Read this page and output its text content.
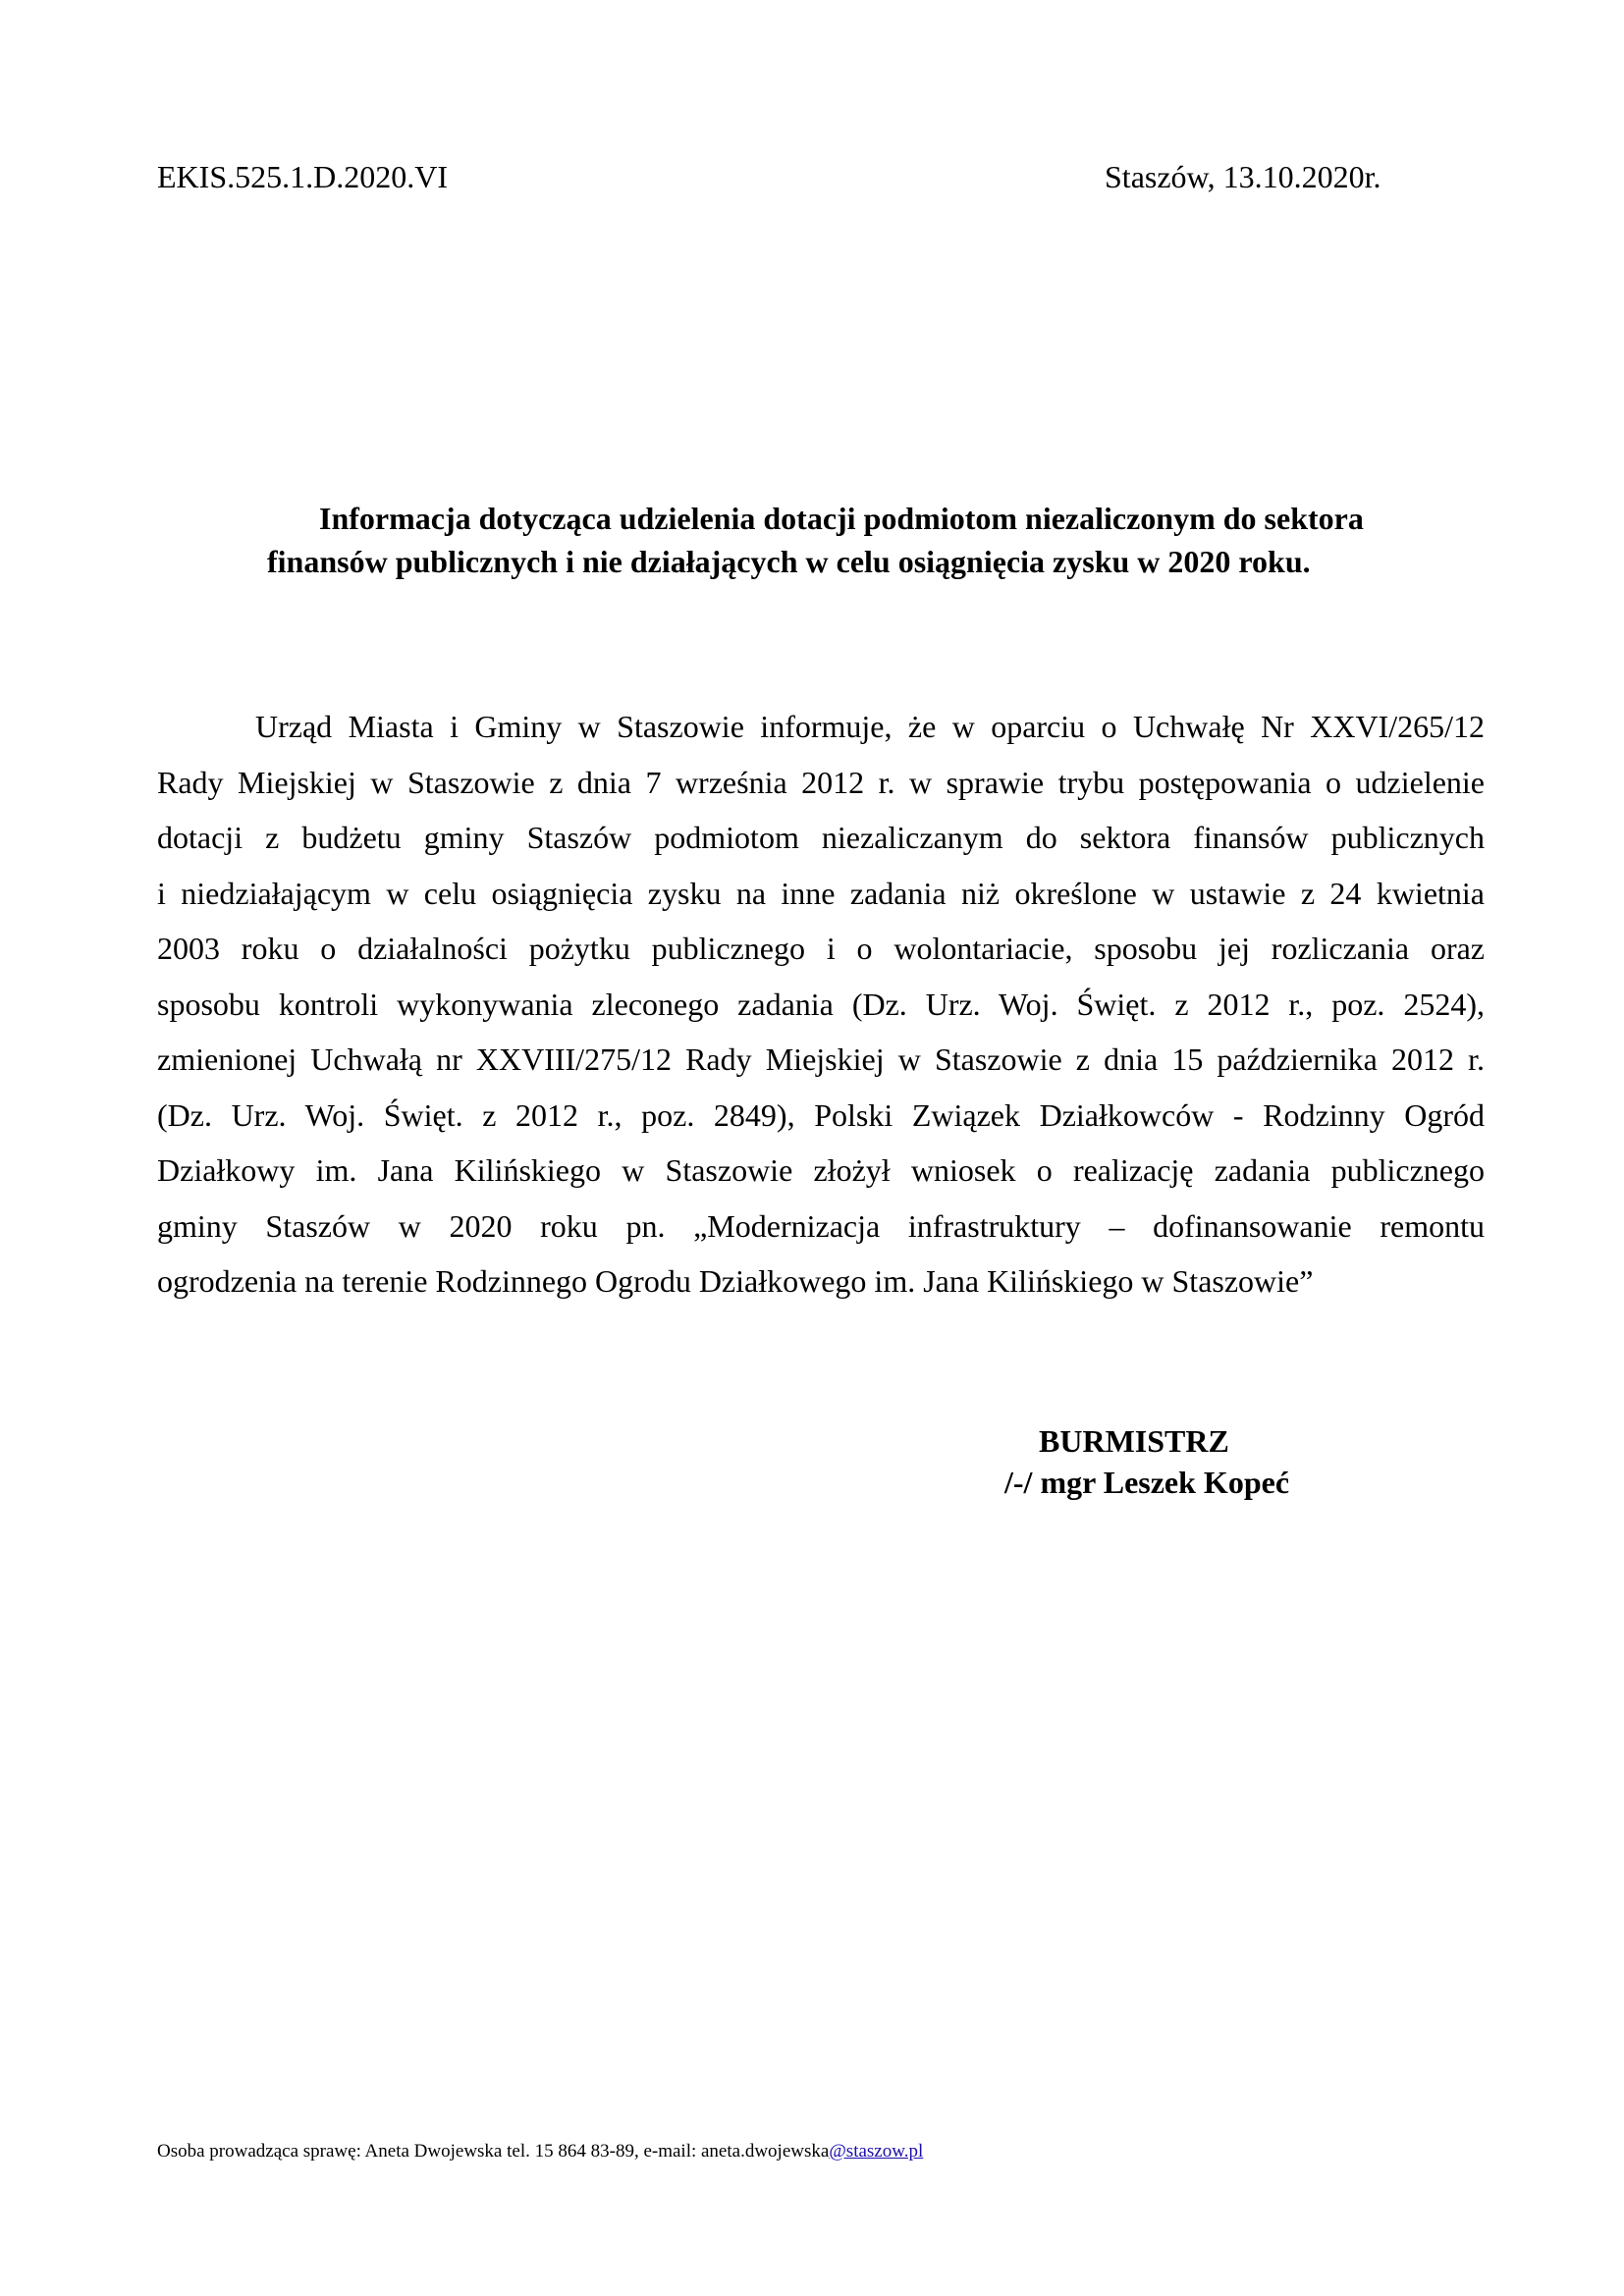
EKIS.525.1.D.2020.VI	Staszów, 13.10.2020r.
Informacja dotycząca udzielenia dotacji podmiotom niezaliczonym do sektora
finansów publicznych i nie działających w celu osiągnięcia zysku w 2020 roku.
Urząd Miasta i Gminy w Staszowie informuje, że w oparciu o Uchwałę Nr XXVI/265/12
Rady Miejskiej w Staszowie z dnia 7 września 2012 r. w sprawie trybu postępowania o udzielenie
dotacji z budżetu gminy Staszów podmiotom niezaliczanym do sektora finansów publicznych
i niedziałającym w celu osiągnięcia zysku na inne zadania niż określone w ustawie z 24 kwietnia
2003 roku o działalności pożytku publicznego i o wolontariacie, sposobu jej rozliczania oraz
sposobu kontroli wykonywania zleconego zadania (Dz. Urz. Woj. Święt. z 2012 r., poz. 2524),
zmienionej Uchwałą nr XXVIII/275/12 Rady Miejskiej w Staszowie z dnia 15 października 2012 r.
(Dz. Urz. Woj. Święt. z 2012 r., poz. 2849), Polski Związek Działkowców - Rodzinny Ogród
Działkowy im. Jana Kilińskiego w Staszowie złożył wniosek o realizację zadania publicznego
gminy Staszów w 2020 roku pn. „Modernizacja infrastruktury – dofinansowanie remontu
ogrodzenia na terenie Rodzinnego Ogrodu Działkowego im. Jana Kilińskiego w Staszowie”
BURMISTRZ
/-/ mgr Leszek Kopeć
Osoba prowadząca sprawę: Aneta Dwojewska tel. 15 864 83-89, e-mail: aneta.dwojewska@staszow.pl
